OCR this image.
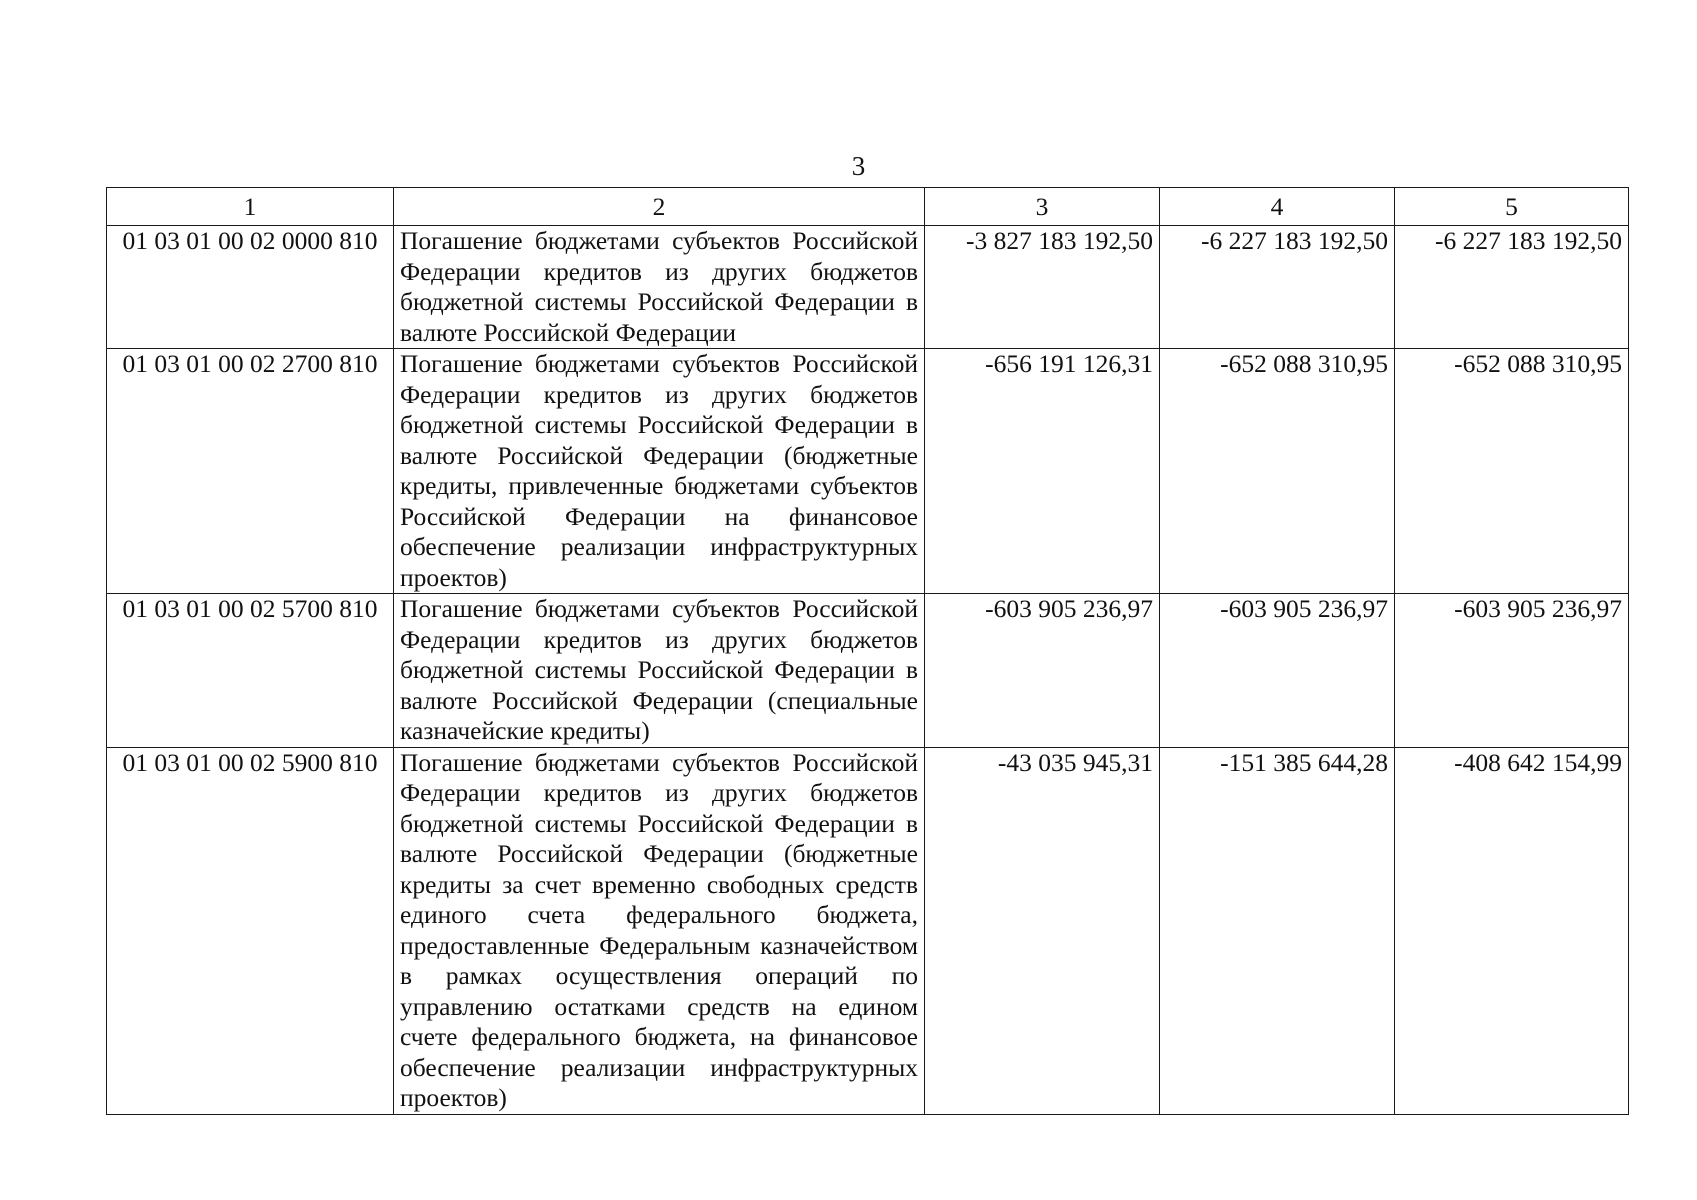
3
1	2	3	4	5
01 03 01 00 02 0000 810	Погашение бюджетами субъектов Российской Федерации кредитов из других бюджетов бюджетной системы Российской Федерации в валюте Российской Федерации	-3 827 183 192,50	-6 227 183 192,50	-6 227 183 192,50
01 03 01 00 02 2700 810	Погашение бюджетами субъектов Российской Федерации кредитов из других бюджетов бюджетной системы Российской Федерации в валюте Российской Федерации (бюджетные кредиты, привлеченные бюджетами субъектов Российской Федерации на финансовое обеспечение реализации инфраструктурных проектов)	-656 191 126,31	-652 088 310,95	-652 088 310,95
01 03 01 00 02 5700 810	Погашение бюджетами субъектов Российской Федерации кредитов из других бюджетов бюджетной системы Российской Федерации в валюте Российской Федерации (специальные казначейские кредиты)	-603 905 236,97	-603 905 236,97	-603 905 236,97
01 03 01 00 02 5900 810	Погашение бюджетами субъектов Российской Федерации кредитов из других бюджетов бюджетной системы Российской Федерации в валюте Российской Федерации (бюджетные кредиты за счет временно свободных средств единого счета федерального бюджета, предоставленные Федеральным казначейством в рамках осуществления операций по управлению остатками средств на едином счете федерального бюджета, на финансовое обеспечение реализации инфраструктурных проектов)	-43 035 945,31	-151 385 644,28	-408 642 154,99
